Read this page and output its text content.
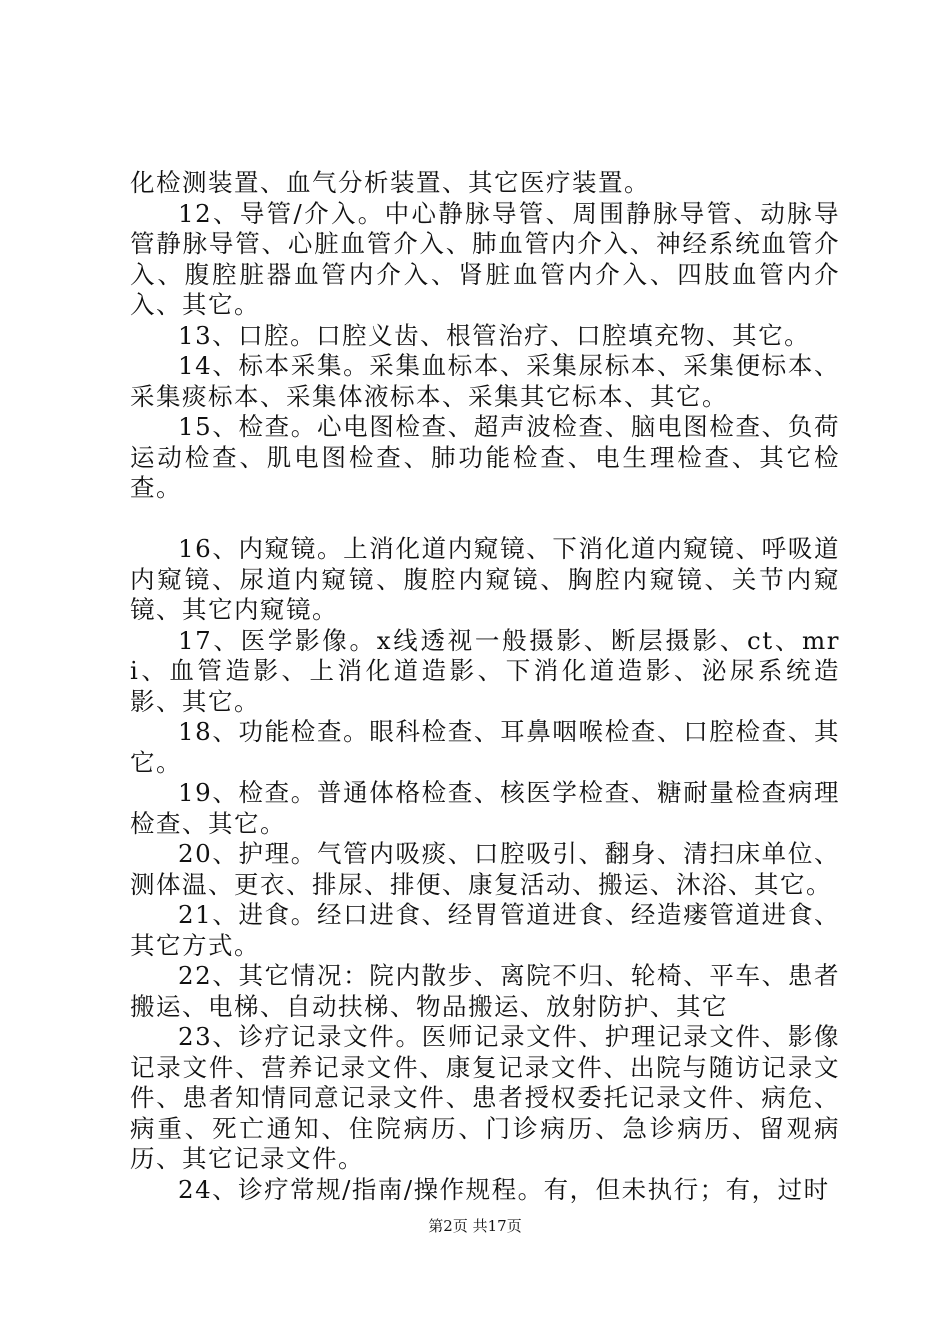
化检测装置、血气分析装置、其它医疗装置。

12、导管/介入。中心静脉导管、周围静脉导管、动脉导管静脉导管、心脏血管介入、肺血管内介入、神经系统血管介入、腹腔脏器血管内介入、肾脏血管内介入、四肢血管内介入、其它。

13、口腔。口腔义齿、根管治疗、口腔填充物、其它。

14、标本采集。采集血标本、采集尿标本、采集便标本、采集痰标本、采集体液标本、采集其它标本、其它。

15、检查。心电图检查、超声波检查、脑电图检查、负荷运动检查、肌电图检查、肺功能检查、电生理检查、其它检查。

16、内窥镜。上消化道内窥镜、下消化道内窥镜、呼吸道内窥镜、尿道内窥镜、腹腔内窥镜、胸腔内窥镜、关节内窥镜、其它内窥镜。

17、医学影像。x线透视一般摄影、断层摄影、ct、mri、血管造影、上消化道造影、下消化道造影、泌尿系统造影、其它。

18、功能检查。眼科检查、耳鼻咽喉检查、口腔检查、其它。

19、检查。普通体格检查、核医学检查、糖耐量检查病理检查、其它。

20、护理。气管内吸痰、口腔吸引、翻身、清扫床单位、测体温、更衣、排尿、排便、康复活动、搬运、沐浴、其它。

21、进食。经口进食、经胃管道进食、经造瘘管道进食、其它方式。

22、其它情况：院内散步、离院不归、轮椅、平车、患者搬运、电梯、自动扶梯、物品搬运、放射防护、其它

23、诊疗记录文件。医师记录文件、护理记录文件、影像记录文件、营养记录文件、康复记录文件、出院与随访记录文件、患者知情同意记录文件、患者授权委托记录文件、病危、病重、死亡通知、住院病历、门诊病历、急诊病历、留观病历、其它记录文件。

24、诊疗常规/指南/操作规程。有，但未执行；有，过时

第2页 共17页
